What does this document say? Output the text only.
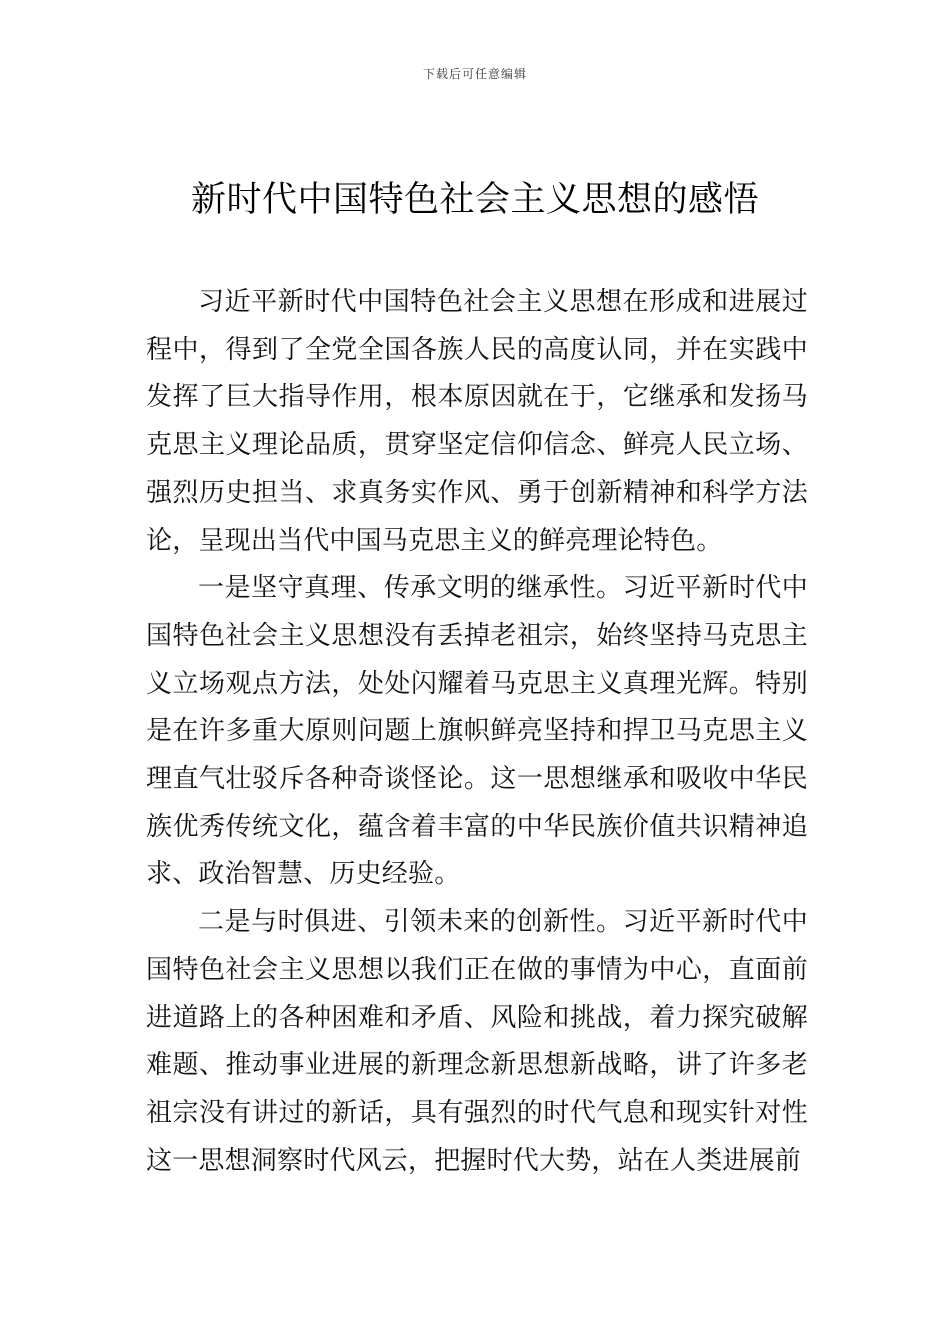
下载后可任意编辑
新时代中国特色社会主义思想的感悟

习近平新时代中国特色社会主义思想在形成和进展过程中，得到了全党全国各族人民的高度认同，并在实践中发挥了巨大指导作用，根本原因就在于，它继承和发扬马克思主义理论品质，贯穿坚定信仰信念、鲜亮人民立场、强烈历史担当、求真务实作风、勇于创新精神和科学方法论，呈现出当代中国马克思主义的鲜亮理论特色。

一是坚守真理、传承文明的继承性。习近平新时代中国特色社会主义思想没有丢掉老祖宗，始终坚持马克思主义立场观点方法，处处闪耀着马克思主义真理光辉。特别是在许多重大原则问题上旗帜鲜亮坚持和捍卫马克思主义理直气壮驳斥各种奇谈怪论。这一思想继承和吸收中华民族优秀传统文化，蕴含着丰富的中华民族价值共识精神追求、政治智慧、历史经验。

二是与时俱进、引领未来的创新性。习近平新时代中国特色社会主义思想以我们正在做的事情为中心，直面前进道路上的各种困难和矛盾、风险和挑战，着力探究破解难题、推动事业进展的新理念新思想新战略，讲了许多老祖宗没有讲过的新话，具有强烈的时代气息和现实针对性这一思想洞察时代风云，把握时代大势，站在人类进展前
